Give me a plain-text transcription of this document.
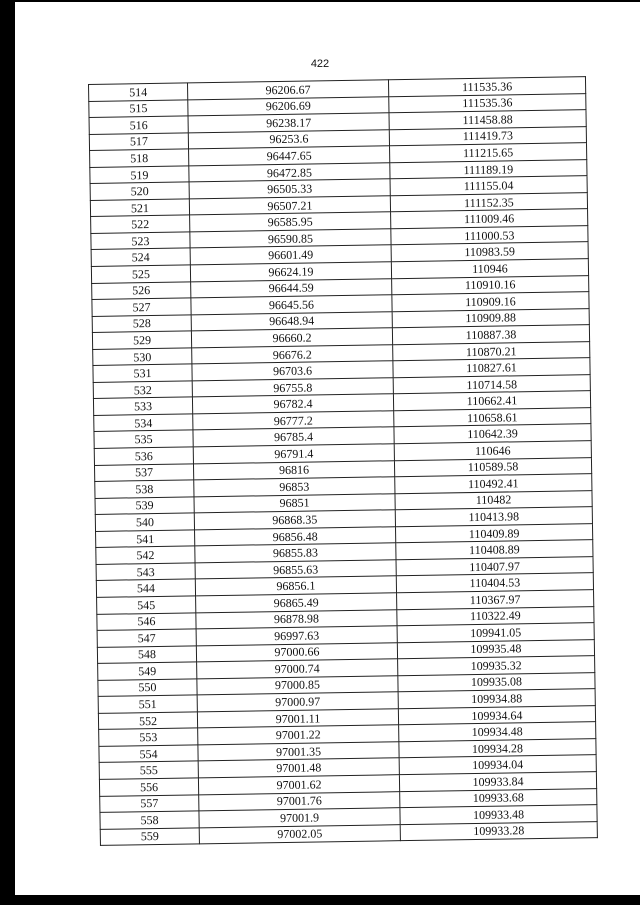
422
514	96206.67	111535.36
515	96206.69	111535.36
516	96238.17	111458.88
517	96253.6	111419.73
518	96447.65	111215.65
519	96472.85	111189.19
520	96505.33	111155.04
521	96507.21	111152.35
522	96585.95	111009.46
523	96590.85	111000.53
524	96601.49	110983.59
525	96624.19	110946
526	96644.59	110910.16
527	96645.56	110909.16
528	96648.94	110909.88
529	96660.2	110887.38
530	96676.2	110870.21
531	96703.6	110827.61
532	96755.8	110714.58
533	96782.4	110662.41
534	96777.2	110658.61
535	96785.4	110642.39
536	96791.4	110646
537	96816	110589.58
538	96853	110492.41
539	96851	110482
540	96868.35	110413.98
541	96856.48	110409.89
542	96855.83	110408.89
543	96855.63	110407.97
544	96856.1	110404.53
545	96865.49	110367.97
546	96878.98	110322.49
547	96997.63	109941.05
548	97000.66	109935.48
549	97000.74	109935.32
550	97000.85	109935.08
551	97000.97	109934.88
552	97001.11	109934.64
553	97001.22	109934.48
554	97001.35	109934.28
555	97001.48	109934.04
556	97001.62	109933.84
557	97001.76	109933.68
558	97001.9	109933.48
559	97002.05	109933.28
